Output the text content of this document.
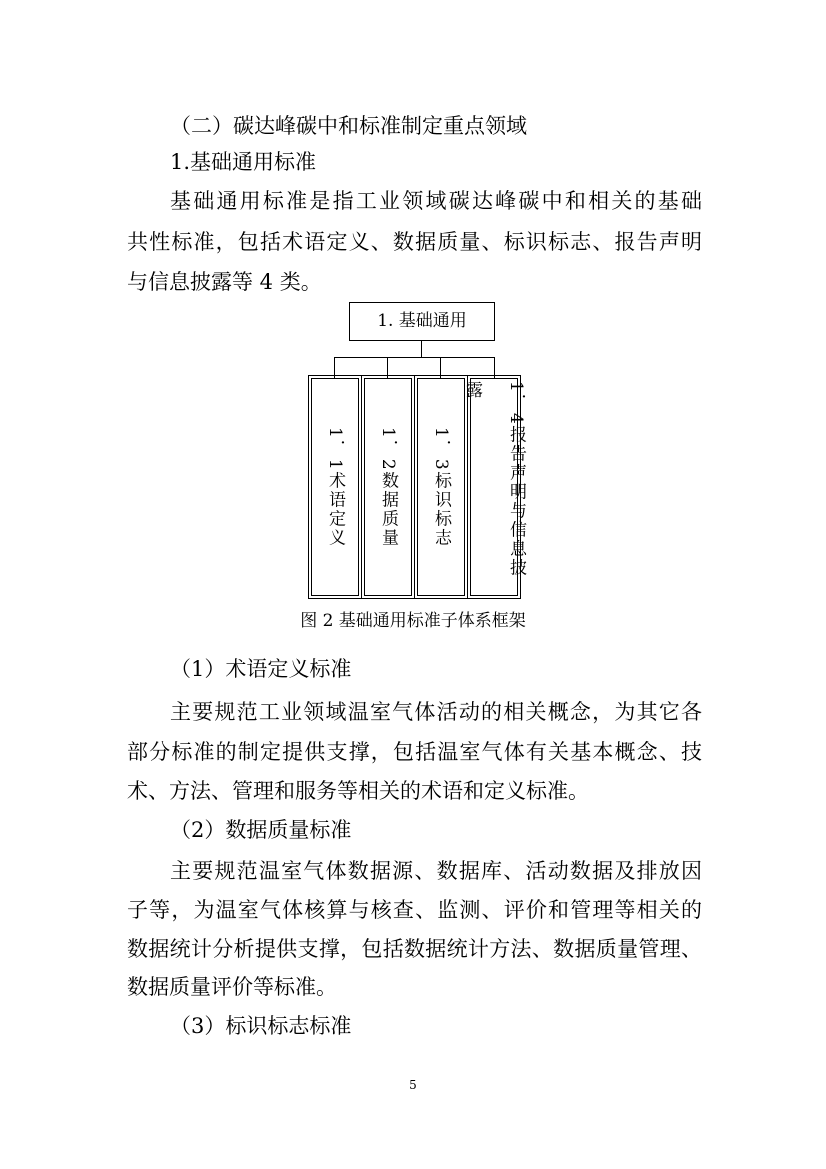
（二）碳达峰碳中和标准制定重点领域
1.基础通用标准
基础通用标准是指工业领域碳达峰碳中和相关的基础
共性标准，包括术语定义、数据质量、标识标志、报告声明
与信息披露等 4 类。
1. 基础通用
1．1术语定义	1．2数据质量	1．3标识标志	1．4报告声明与信息披露
图 2 基础通用标准子体系框架
（1）术语定义标准
主要规范工业领域温室气体活动的相关概念，为其它各
部分标准的制定提供支撑，包括温室气体有关基本概念、技
术、方法、管理和服务等相关的术语和定义标准。
（2）数据质量标准
主要规范温室气体数据源、数据库、活动数据及排放因
子等，为温室气体核算与核查、监测、评价和管理等相关的
数据统计分析提供支撑，包括数据统计方法、数据质量管理、
数据质量评价等标准。
（3）标识标志标准
5
